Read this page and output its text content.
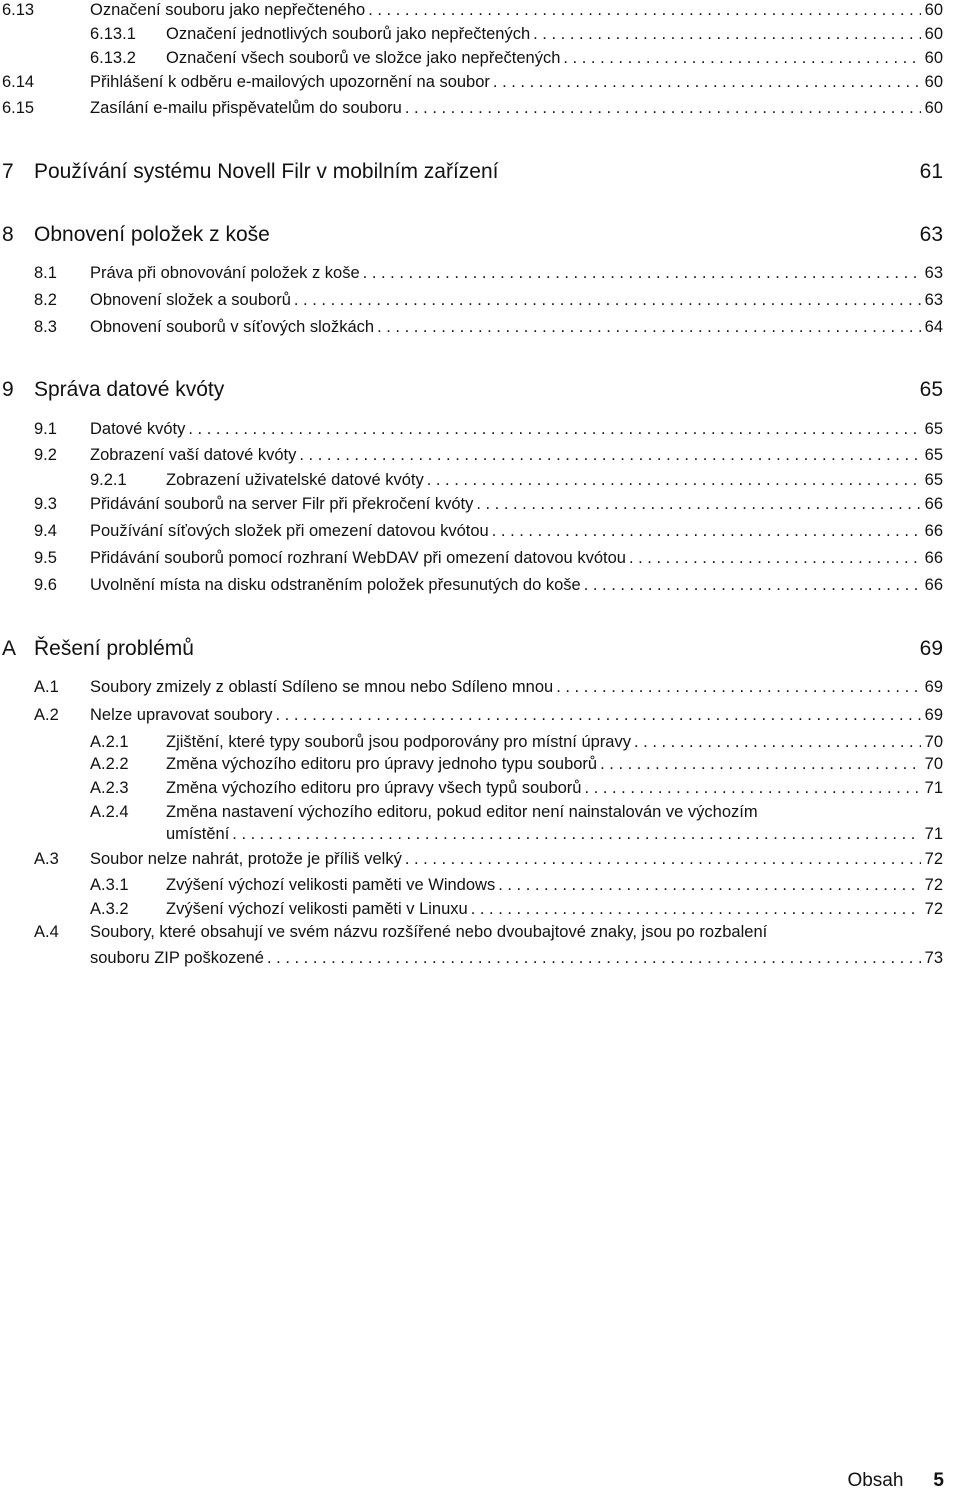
6.13	Označení souboru jako nepřečteného . . .	60
6.13.1 Označení jednotlivých souborů jako nepřečtených . . .	60
6.13.2 Označení všech souborů ve složce jako nepřečtených . . .	60
6.14	Přihlášení k odběru e-mailových upozornění na soubor . . .	60
6.15	Zasílání e-mailu přispěvatelům do souboru . . .	60
7 Používání systému Novell Filr v mobilním zařízení	61
8 Obnovení položek z koše	63
8.1 Práva při obnovování položek z koše . . .	63
8.2 Obnovení složek a souborů . . .	63
8.3 Obnovení souborů v síťových složkách . . .	64
9 Správa datové kvóty	65
9.1 Datové kvóty . . .	65
9.2 Zobrazení vaší datové kvóty . . .	65
9.2.1 Zobrazení uživatelské datové kvóty . . .	65
9.3 Přidávání souborů na server Filr při překročení kvóty . . .	66
9.4 Používání síťových složek při omezení datovou kvótou . . .	66
9.5 Přidávání souborů pomocí rozhraní WebDAV při omezení datovou kvótou . . .	66
9.6 Uvolnění místa na disku odstraněním položek přesunutých do koše . . .	66
A Řešení problémů	69
A.1 Soubory zmizely z oblastí Sdíleno se mnou nebo Sdíleno mnou . . .	69
A.2 Nelze upravovat soubory . . .	69
A.2.1 Zjištění, které typy souborů jsou podporovány pro místní úpravy . . .	70
A.2.2 Změna výchozího editoru pro úpravy jednoho typu souborů . . .	70
A.2.3 Změna výchozího editoru pro úpravy všech typů souborů . . .	71
A.2.4 Změna nastavení výchozího editoru, pokud editor není nainstalován ve výchozím
umístění . . .	71
A.3 Soubor nelze nahrát, protože je příliš velký . . .	72
A.3.1 Zvýšení výchozí velikosti paměti ve Windows . . .	72
A.3.2 Zvýšení výchozí velikosti paměti v Linuxu . . .	72
A.4 Soubory, které obsahují ve svém názvu rozšířené nebo dvoubajtové znaky, jsou po rozbalení
souboru ZIP poškozené . . .	73
Obsah 5
